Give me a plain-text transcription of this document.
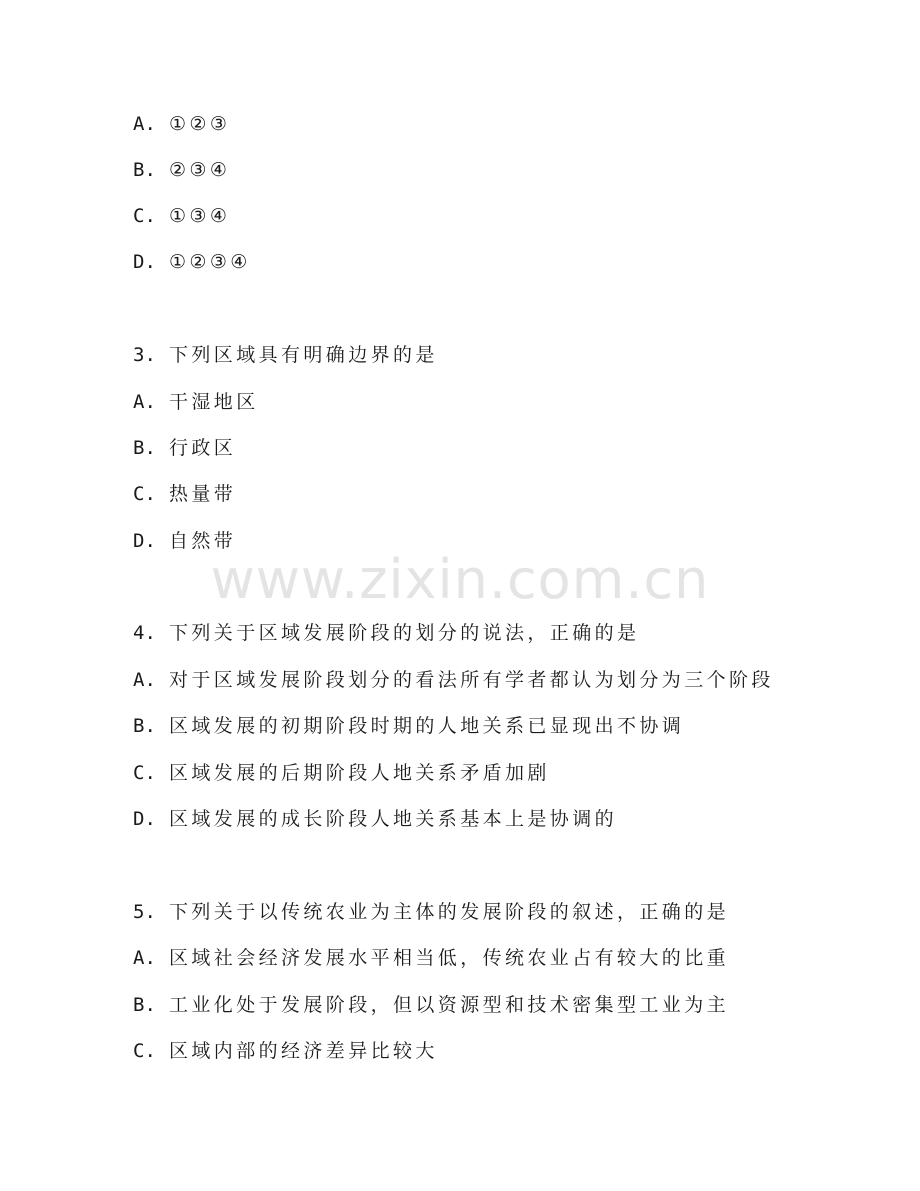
www.zixin.com.cn
A. ①②③
B. ②③④
C. ①③④
D. ①②③④
3. 下列区域具有明确边界的是
A. 干湿地区
B. 行政区
C. 热量带
D. 自然带
4. 下列关于区域发展阶段的划分的说法，正确的是
A. 对于区域发展阶段划分的看法所有学者都认为划分为三个阶段
B. 区域发展的初期阶段时期的人地关系已显现出不协调
C. 区域发展的后期阶段人地关系矛盾加剧
D. 区域发展的成长阶段人地关系基本上是协调的
5. 下列关于以传统农业为主体的发展阶段的叙述，正确的是
A. 区域社会经济发展水平相当低，传统农业占有较大的比重
B. 工业化处于发展阶段，但以资源型和技术密集型工业为主
C. 区域内部的经济差异比较大
